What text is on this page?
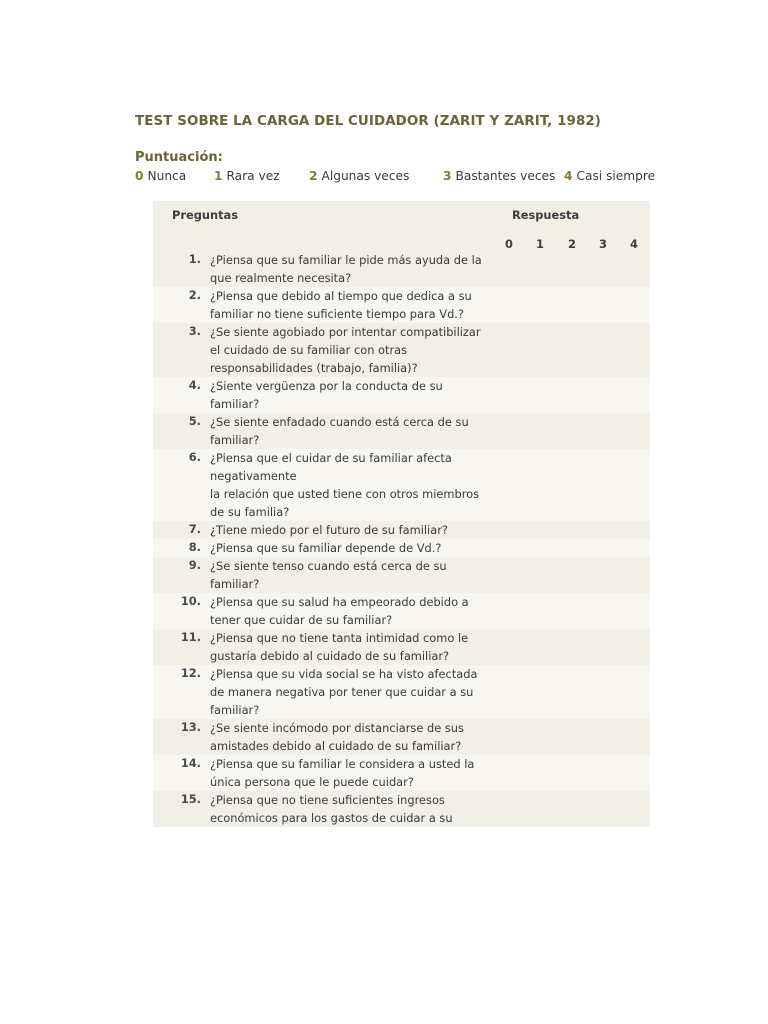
TEST SOBRE LA CARGA DEL CUIDADOR (ZARIT Y ZARIT, 1982)
Puntuación:
0 Nunca 1 Rara vez 2 Algunas veces	3 Bastantes veces 4 Casi siempre
Preguntas	Respuesta
0 1 2 3 4
1. ¿Piensa que su familiar le pide más ayuda de la que realmente necesita?
2. ¿Piensa que debido al tiempo que dedica a su familiar no tiene suficiente tiempo para Vd.?
3. ¿Se siente agobiado por intentar compatibilizar el cuidado de su familiar con otras responsabilidades (trabajo, familia)?
4. ¿Siente vergüenza por la conducta de su familiar?
5. ¿Se siente enfadado cuando está cerca de su familiar?
6. ¿Piensa que el cuidar de su familiar afecta negativamente
la relación que usted tiene con otros miembros de su familia?
7. ¿Tiene miedo por el futuro de su familiar?
8. ¿Piensa que su familiar depende de Vd.?
9. ¿Se siente tenso cuando está cerca de su familiar?
10. ¿Piensa que su salud ha empeorado debido a tener que cuidar de su familiar?
11. ¿Piensa que no tiene tanta intimidad como le gustaría debido al cuidado de su familiar?
12. ¿Piensa que su vida social se ha visto afectada de manera negativa por tener que cuidar a su familiar?
13. ¿Se siente incómodo por distanciarse de sus amistades debido al cuidado de su familiar?
14. ¿Piensa que su familiar le considera a usted la única persona que le puede cuidar?
15. ¿Piensa que no tiene suficientes ingresos económicos para los gastos de cuidar a su
